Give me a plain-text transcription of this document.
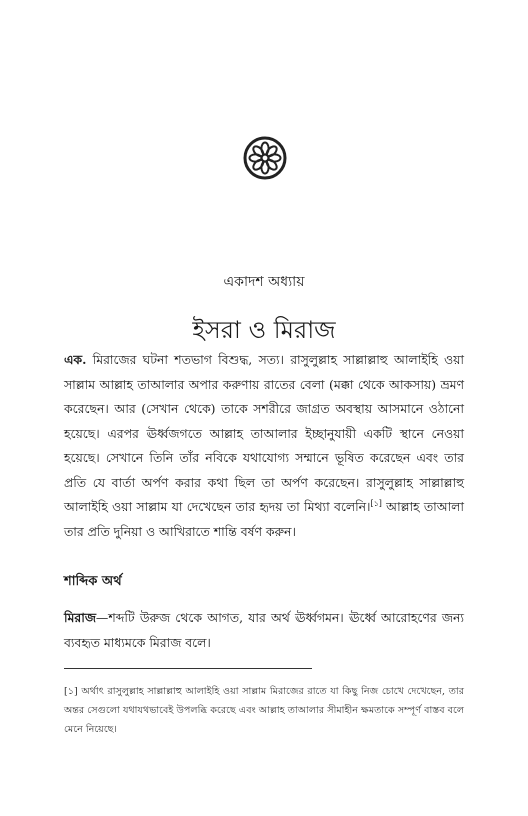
একাদশ অধ্যায়
ইসরা ও মিরাজ

এক. মিরাজের ঘটনা শতভাগ বিশুদ্ধ, সত্য। রাসুলুল্লাহ সাল্লাল্লাহু আলাইহি ওয়া সাল্লাম আল্লাহ তাআলার অপার করুণায় রাতের বেলা (মক্কা থেকে আকসায়) ভ্রমণ করেছেন। আর (সেখান থেকে) তাকে সশরীরে জাগ্রত অবস্থায় আসমানে ওঠানো হয়েছে। এরপর ঊর্ধ্বজগতে আল্লাহ তাআলার ইচ্ছানুযায়ী একটি স্থানে নেওয়া হয়েছে। সেখানে তিনি তাঁর নবিকে যথাযোগ্য সম্মানে ভূষিত করেছেন এবং তার প্রতি যে বার্তা অর্পণ করার কথা ছিল তা অর্পণ করেছেন। রাসুলুল্লাহ সাল্লাল্লাহু আলাইহি ওয়া সাল্লাম যা দেখেছেন তার হৃদয় তা মিথ্যা বলেনি।[১] আল্লাহ তাআলা তার প্রতি দুনিয়া ও আখিরাতে শান্তি বর্ষণ করুন।

শাব্দিক অর্থ

মিরাজ—শব্দটি উরুজ থেকে আগত, যার অর্থ ঊর্ধ্বগমন। ঊর্ধ্বে আরোহণের জন্য ব্যবহৃত মাধ্যমকে মিরাজ বলে।

[১] অর্থাৎ রাসুলুল্লাহ সাল্লাল্লাহু আলাইহি ওয়া সাল্লাম মিরাজের রাতে যা কিছু নিজ চোখে দেখেছেন, তার অন্তর সেগুলো যথাযথভাবেই উপলব্ধি করেছে এবং আল্লাহ তাআলার সীমাহীন ক্ষমতাকে সম্পূর্ণ বাস্তব বলে মেনে নিয়েছে।
